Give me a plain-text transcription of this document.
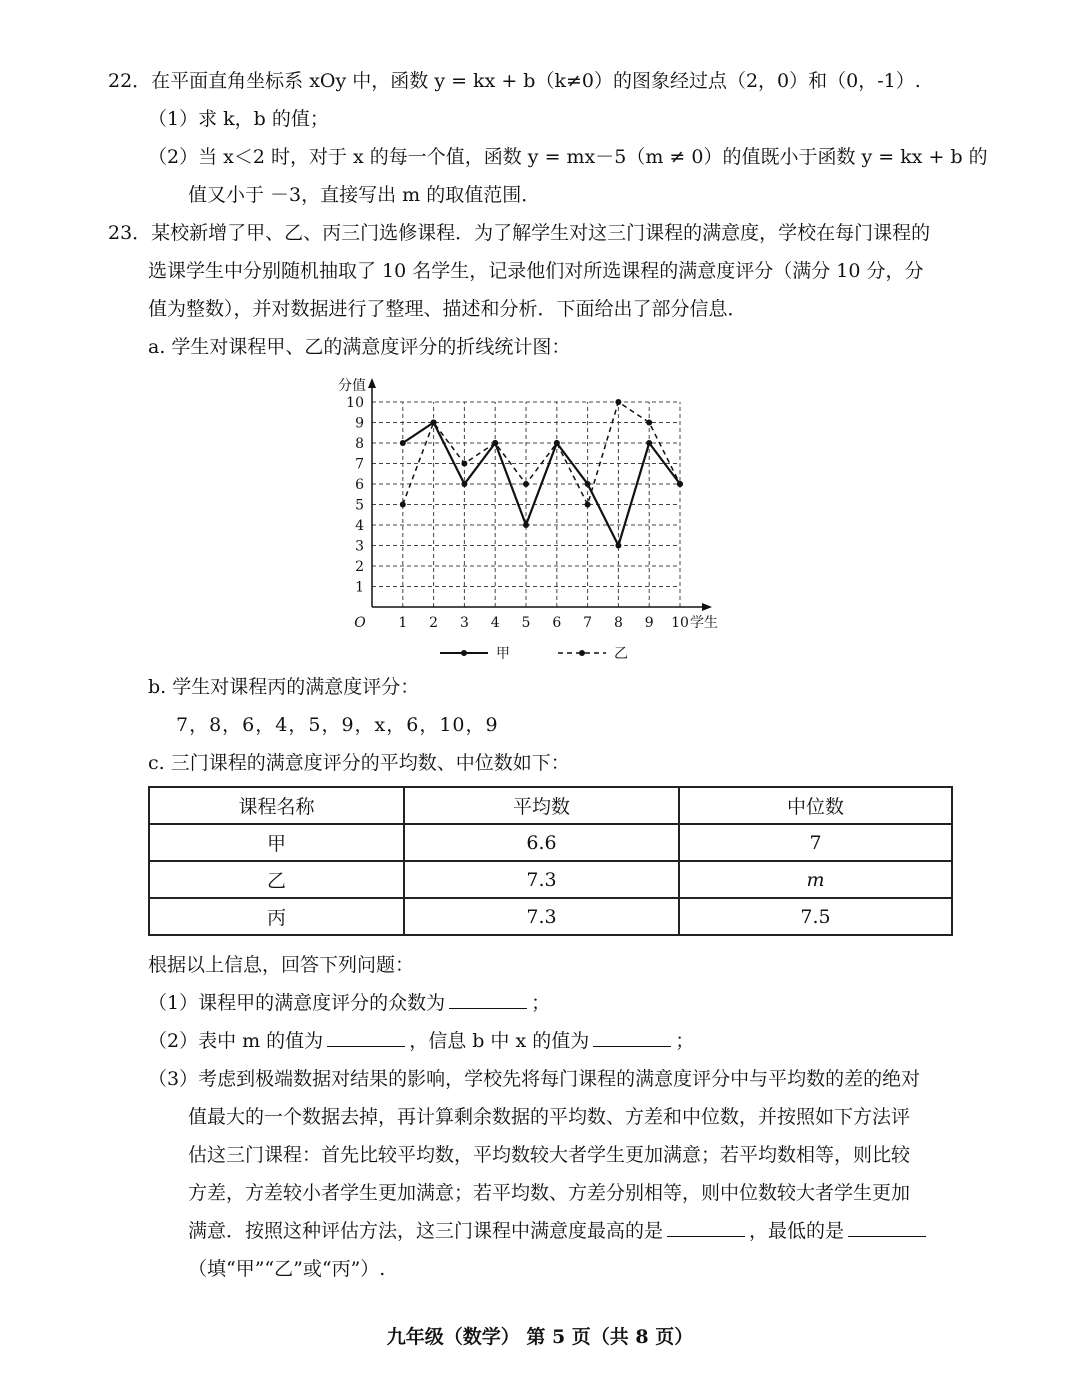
22．在平面直角坐标系 xOy 中，函数 y = kx + b（k≠0）的图象经过点（2，0）和（0，-1）.
（1）求 k，b 的值；
（2）当 x＜2 时，对于 x 的每一个值，函数 y = mx－5（m ≠ 0）的值既小于函数 y = kx + b 的
值又小于 －3，直接写出 m 的取值范围．
23．某校新增了甲、乙、丙三门选修课程．为了解学生对这三门课程的满意度，学校在每门课程的
选课学生中分别随机抽取了 10 名学生，记录他们对所选课程的满意度评分（满分 10 分，分
值为整数），并对数据进行了整理、描述和分析．下面给出了部分信息．
a. 学生对课程甲、乙的满意度评分的折线统计图：
1
2
3
4
5
6
7
8
9
10
1 2 3 4 5 6 7 8 9 10
O
分值
学生
甲	乙
b. 学生对课程丙的满意度评分：
7，8，6，4，5，9，x，6，10，9
c. 三门课程的满意度评分的平均数、中位数如下：
课程名称	平均数	中位数
甲	6.6	7
乙	7.3	m
丙	7.3	7.5
根据以上信息，回答下列问题：
（1）课程甲的满意度评分的众数为	；
（2）表中 m 的值为	，信息 b 中 x 的值为	；
（3）考虑到极端数据对结果的影响，学校先将每门课程的满意度评分中与平均数的差的绝对
值最大的一个数据去掉，再计算剩余数据的平均数、方差和中位数，并按照如下方法评
估这三门课程：首先比较平均数，平均数较大者学生更加满意；若平均数相等，则比较
方差，方差较小者学生更加满意；若平均数、方差分别相等，则中位数较大者学生更加
满意．按照这种评估方法，这三门课程中满意度最高的是	，最低的是
（填“甲”“乙”或“丙”）.
九年级（数学） 第 5 页（共 8 页）
